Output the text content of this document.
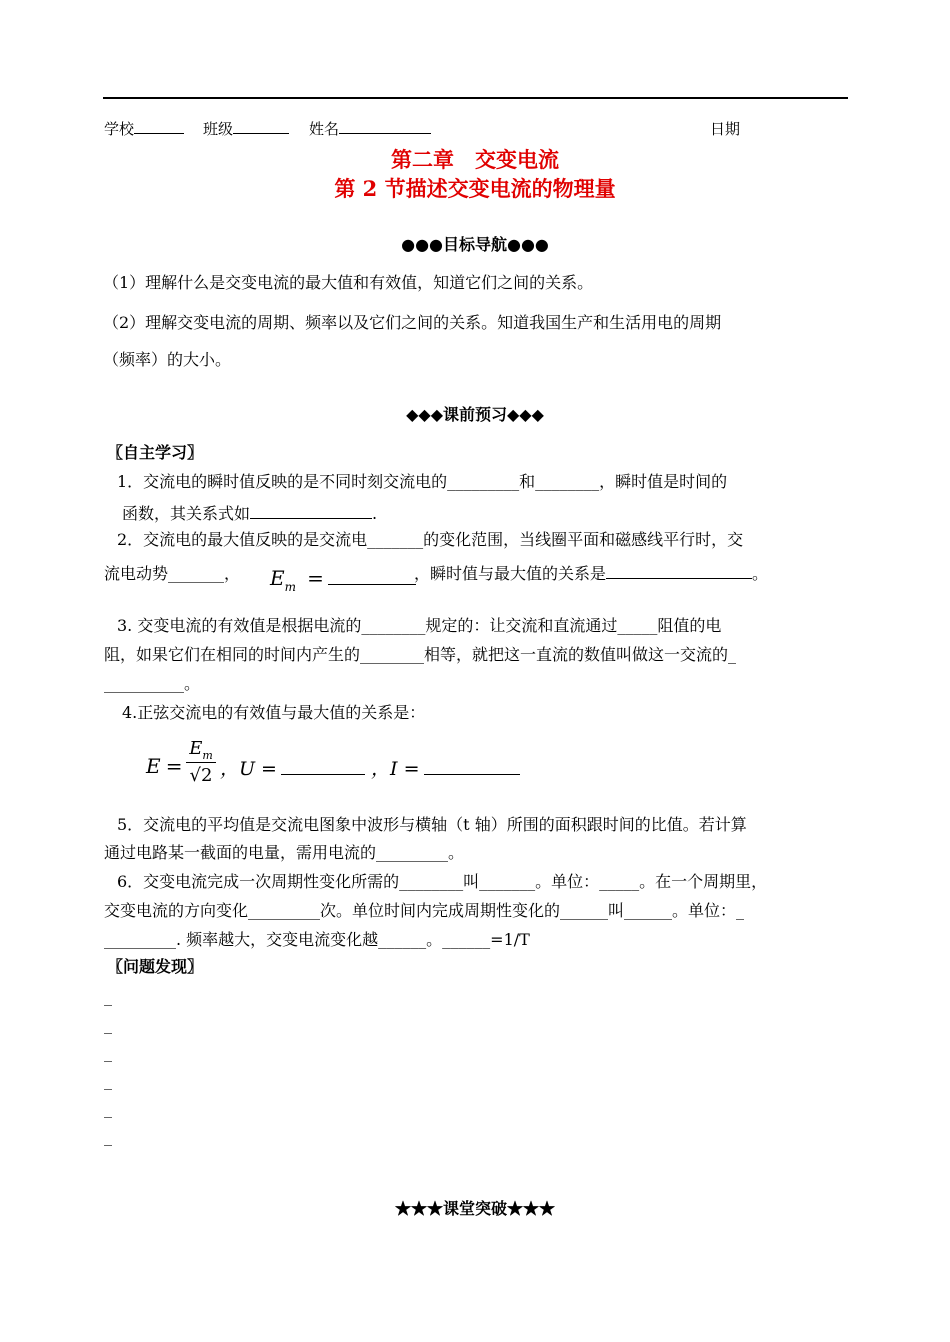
学校	班级	姓名	日期
第二章　交变电流
第 2 节描述交变电流的物理量
●●●目标导航●●●
（1）理解什么是交变电流的最大值和有效值，知道它们之间的关系。
（2）理解交变电流的周期、频率以及它们之间的关系。知道我国生产和生活用电的周期
（频率）的大小。
◆◆◆课前预习◆◆◆
〖自主学习〗
1．交流电的瞬时值反映的是不同时刻交流电的_________和________，瞬时值是时间的
函数，其关系式如	.
2．交流电的最大值反映的是交流电_______的变化范围，当线圈平面和磁感线平行时，交
流电动势_______， $E_m$ =	，瞬时值与最大值的关系是	。
3. 交变电流的有效值是根据电流的________规定的：让交流和直流通过_____阻值的电
阻，如果它们在相同的时间内产生的________相等，就把这一直流的数值叫做这一交流的_
__________。
4.正弦交流电的有效值与最大值的关系是：
E =
$E_m$
√2 ，U =	，I =
5．交流电的平均值是交流电图象中波形与横轴（t 轴）所围的面积跟时间的比值。若计算
通过电路某一截面的电量，需用电流的_________。
6．交变电流完成一次周期性变化所需的________叫_______。单位：_____。在一个周期里，
交变电流的方向变化_________次。单位时间内完成周期性变化的______叫______。单位：_
_________. 频率越大，交变电流变化越______。______=1/T
〖问题发现〗
_
_
_
_
_
_
★★★课堂突破★★★
